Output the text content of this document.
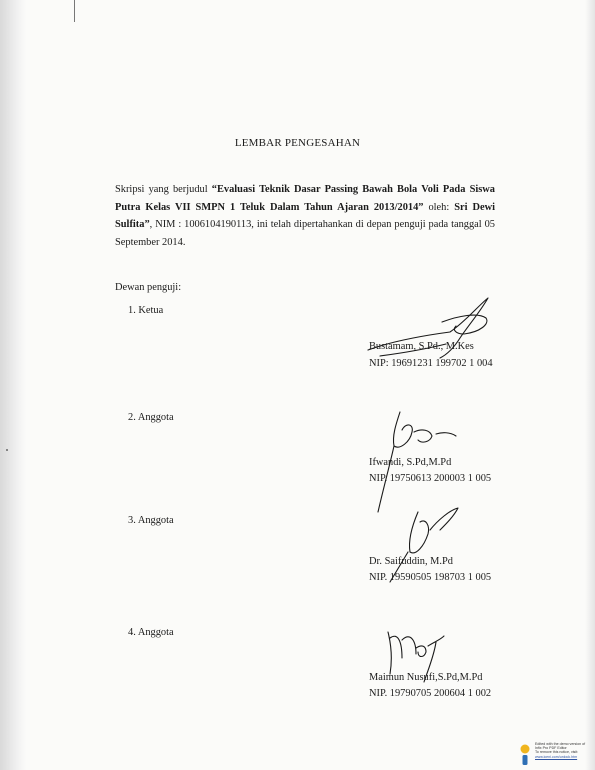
LEMBAR PENGESAHAN
Skripsi yang berjudul “Evaluasi Teknik Dasar Passing Bawah Bola Voli Pada Siswa Putra Kelas VII SMPN 1 Teluk Dalam Tahun Ajaran 2013/2014” oleh: Sri Dewi Sulfita”, NIM : 1006104190113, ini telah dipertahankan di depan penguji pada tanggal 05 September 2014.
Dewan penguji:
1. Ketua
Bustamam, S.Pd., M.Kes
NIP: 19691231 199702 1 004
2. Anggota
Ifwandi, S.Pd,M.Pd
NIP. 19750613 200003 1 005
3. Anggota
Dr. Saifuddin, M.Pd
NIP. 19590505 198703 1 005
4. Anggota
Maimun Nusufi,S.Pd,M.Pd
NIP. 19790705 200604 1 002
Edited with the demo version of
Infix Pro PDF Editor
To remove this notice, visit:
www.iceni.com/unlock.htm
